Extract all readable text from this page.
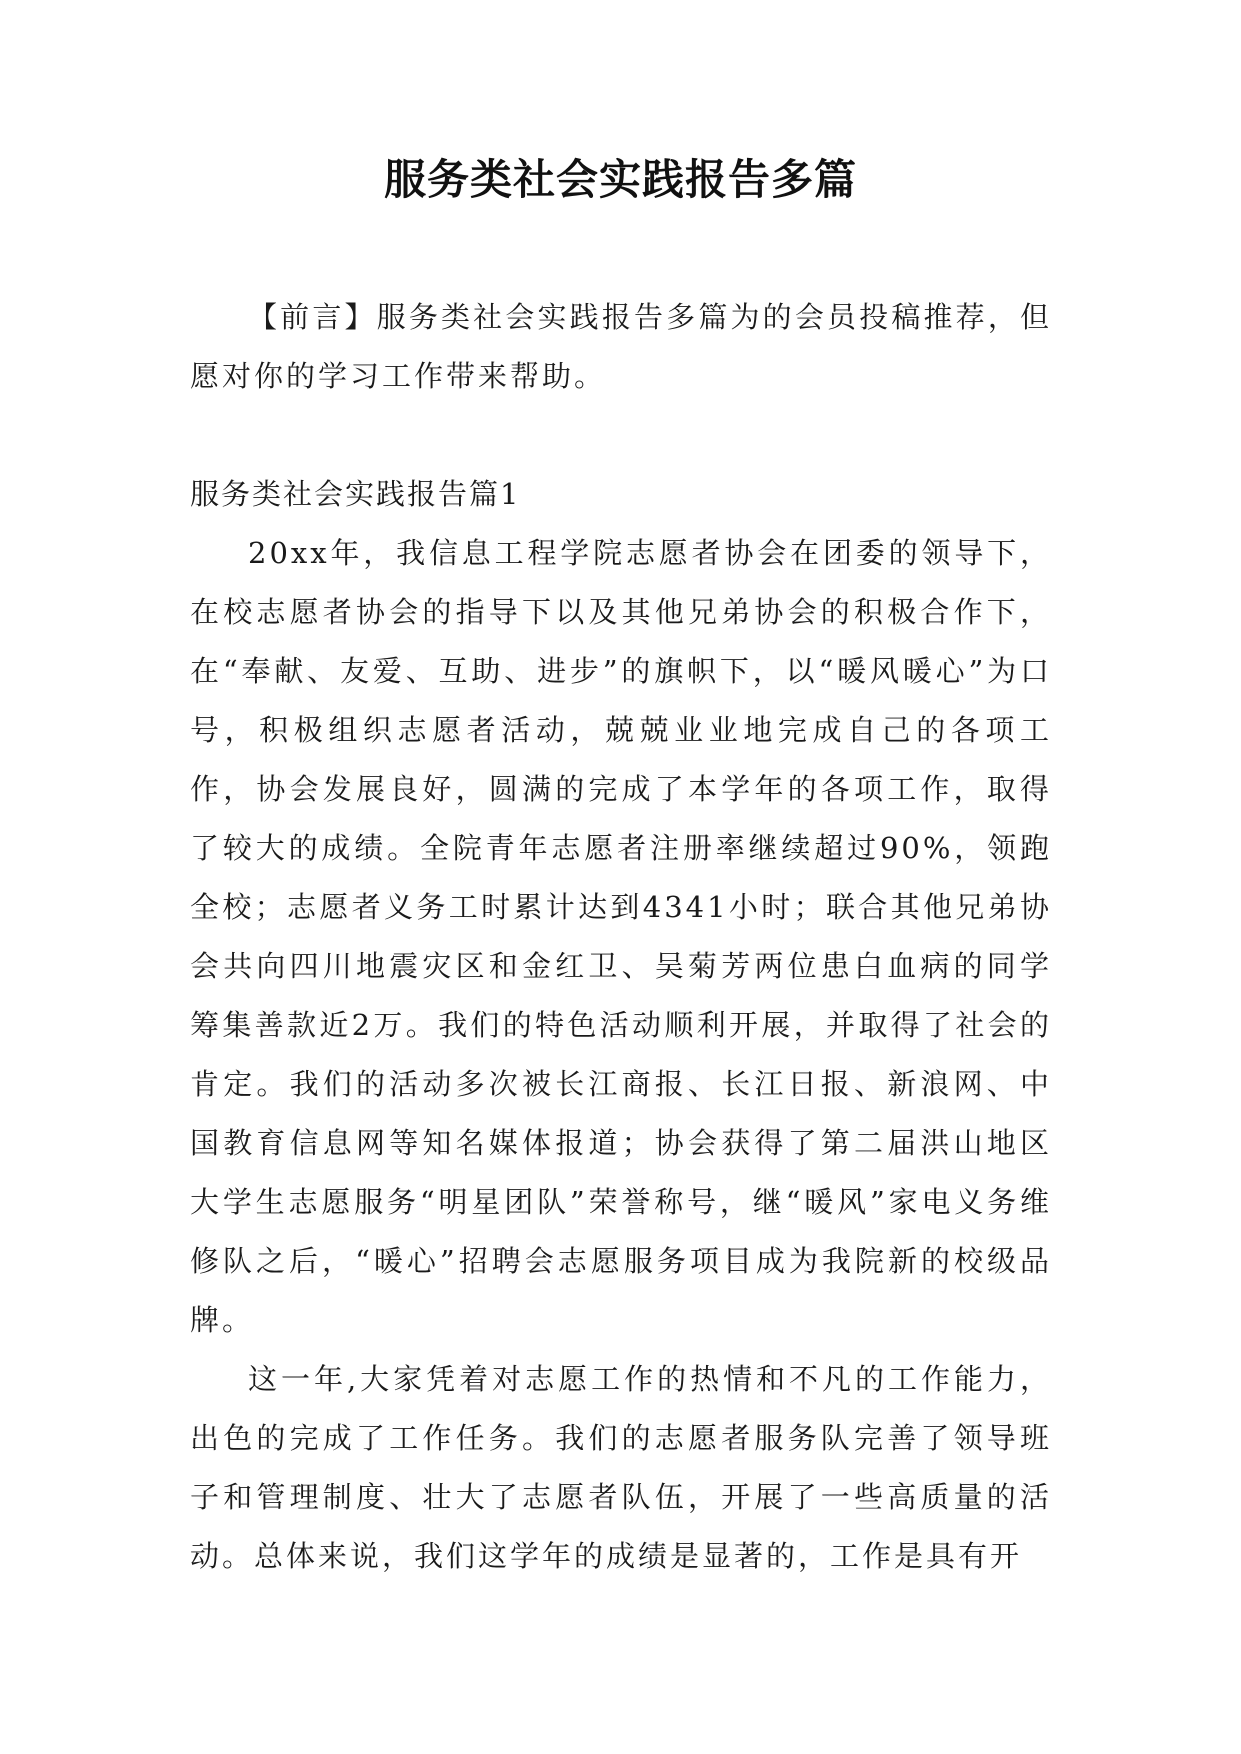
服务类社会实践报告多篇

【前言】服务类社会实践报告多篇为的会员投稿推荐，但愿对你的学习工作带来帮助。

服务类社会实践报告篇1

20xx年，我信息工程学院志愿者协会在团委的领导下，在校志愿者协会的指导下以及其他兄弟协会的积极合作下，在“奉献、友爱、互助、进步”的旗帜下，以“暖风暖心”为口号，积极组织志愿者活动，兢兢业业地完成自己的各项工作，协会发展良好，圆满的完成了本学年的各项工作，取得了较大的成绩。全院青年志愿者注册率继续超过90%，领跑全校；志愿者义务工时累计达到4341小时；联合其他兄弟协会共向四川地震灾区和金红卫、吴菊芳两位患白血病的同学筹集善款近2万。我们的特色活动顺利开展，并取得了社会的肯定。我们的活动多次被长江商报、长江日报、新浪网、中国教育信息网等知名媒体报道；协会获得了第二届洪山地区大学生志愿服务“明星团队”荣誉称号，继“暖风”家电义务维修队之后，“暖心”招聘会志愿服务项目成为我院新的校级品牌。

这一年,大家凭着对志愿工作的热情和不凡的工作能力，出色的完成了工作任务。我们的志愿者服务队完善了领导班子和管理制度、壮大了志愿者队伍，开展了一些高质量的活动。总体来说，我们这学年的成绩是显著的，工作是具有开
